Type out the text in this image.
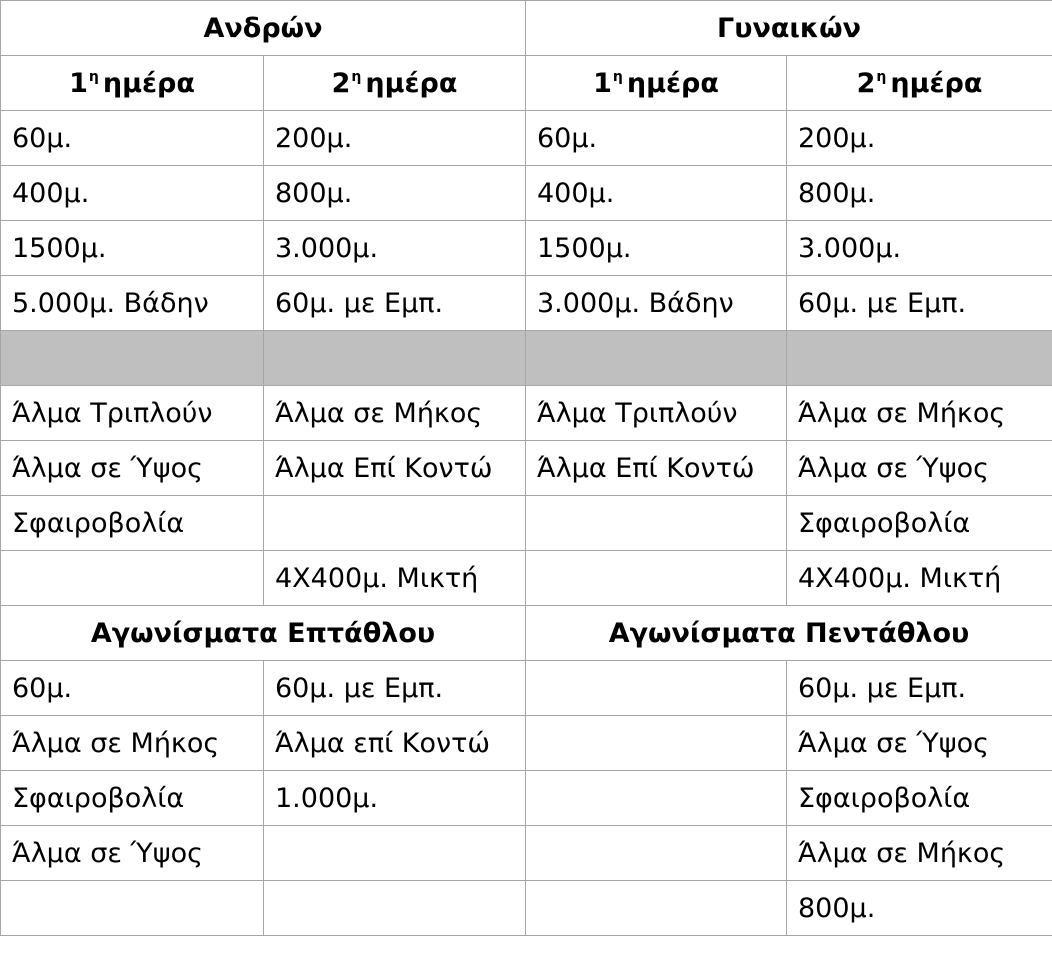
Ανδρών		Γυναικών	
$1^\eta$ ημέρα	$2^\eta$ ημέρα	$1^\eta$ ημέρα	$2^\eta$ ημέρα
60μ.	200μ.	60μ.	200μ.
400μ.	800μ.	400μ.	800μ.
1500μ.	3.000μ.	1500μ.	3.000μ.
5.000μ. Βάδην	60μ. με Εμπ.	3.000μ. Βάδην	60μ. με Εμπ.

Άλμα Τριπλούν	Άλμα σε Μήκος	Άλμα Τριπλούν	Άλμα σε Μήκος
Άλμα σε Ύψος	Άλμα Επί Κοντώ	Άλμα Επί Κοντώ	Άλμα σε Ύψος
Σφαιροβολία			Σφαιροβολία
	4Χ400μ. Μικτή		4Χ400μ. Μικτή
Αγωνίσματα Επτάθλου		Αγωνίσματα Πεντάθλου	
60μ.	60μ. με Εμπ.		60μ. με Εμπ.
Άλμα σε Μήκος	Άλμα επί Κοντώ		Άλμα σε Ύψος
Σφαιροβολία	1.000μ.		Σφαιροβολία
Άλμα σε Ύψος			Άλμα σε Μήκος
			800μ.
